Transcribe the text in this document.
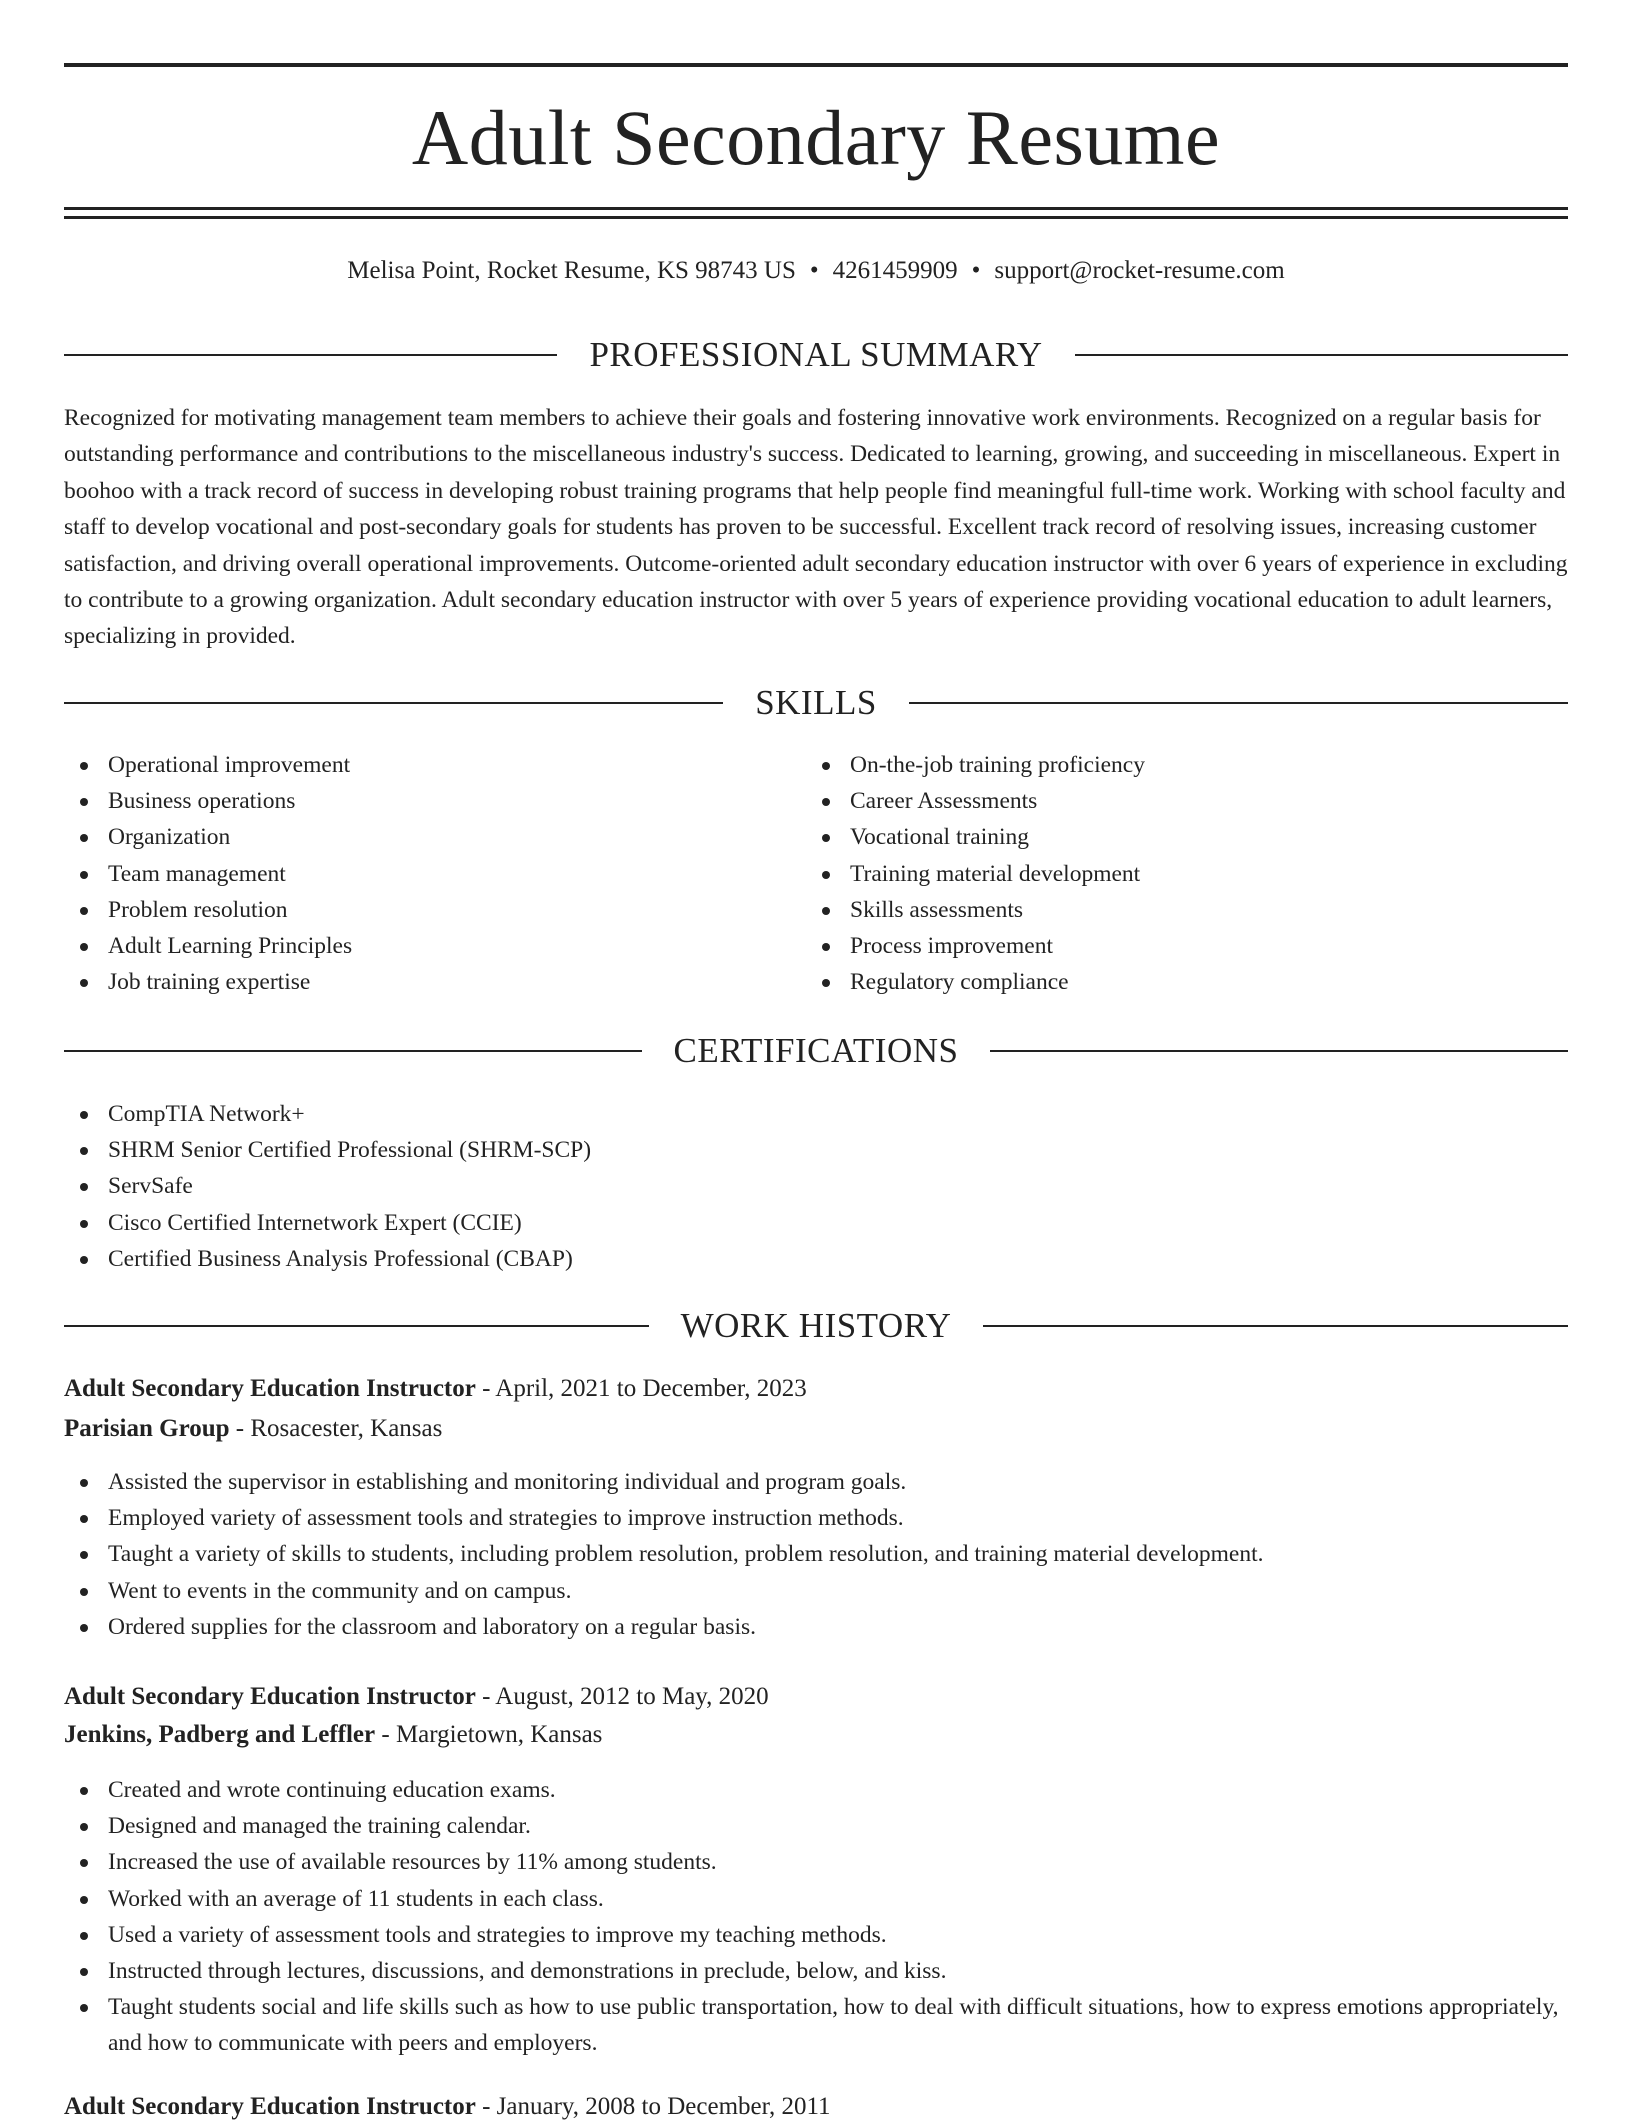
Adult Secondary Resume
Melisa Point, Rocket Resume, KS 98743 US • 4261459909 • support@rocket-resume.com
PROFESSIONAL SUMMARY

Recognized for motivating management team members to achieve their goals and fostering innovative work environments. Recognized on a regular basis for outstanding performance and contributions to the miscellaneous industry's success. Dedicated to learning, growing, and succeeding in miscellaneous. Expert in boohoo with a track record of success in developing robust training programs that help people find meaningful full-time work. Working with school faculty and staff to develop vocational and post-secondary goals for students has proven to be successful. Excellent track record of resolving issues, increasing customer satisfaction, and driving overall operational improvements. Outcome-oriented adult secondary education instructor with over 6 years of experience in excluding to contribute to a growing organization. Adult secondary education instructor with over 5 years of experience providing vocational education to adult learners, specializing in provided.

SKILLS
Operational improvement
Business operations
Organization
Team management
Problem resolution
Adult Learning Principles
Job training expertise
On-the-job training proficiency
Career Assessments
Vocational training
Training material development
Skills assessments
Process improvement
Regulatory compliance
CERTIFICATIONS
CompTIA Network+
SHRM Senior Certified Professional (SHRM-SCP)
ServSafe
Cisco Certified Internetwork Expert (CCIE)
Certified Business Analysis Professional (CBAP)
WORK HISTORY
Adult Secondary Education Instructor - April, 2021 to December, 2023
Parisian Group - Rosacester, Kansas
Assisted the supervisor in establishing and monitoring individual and program goals.
Employed variety of assessment tools and strategies to improve instruction methods.
Taught a variety of skills to students, including problem resolution, problem resolution, and training material development.
Went to events in the community and on campus.
Ordered supplies for the classroom and laboratory on a regular basis.
Adult Secondary Education Instructor - August, 2012 to May, 2020
Jenkins, Padberg and Leffler - Margietown, Kansas
Created and wrote continuing education exams.
Designed and managed the training calendar.
Increased the use of available resources by 11% among students.
Worked with an average of 11 students in each class.
Used a variety of assessment tools and strategies to improve my teaching methods.
Instructed through lectures, discussions, and demonstrations in preclude, below, and kiss.
Taught students social and life skills such as how to use public transportation, how to deal with difficult situations, how to express emotions appropriately, and how to communicate with peers and employers.
Adult Secondary Education Instructor - January, 2008 to December, 2011
